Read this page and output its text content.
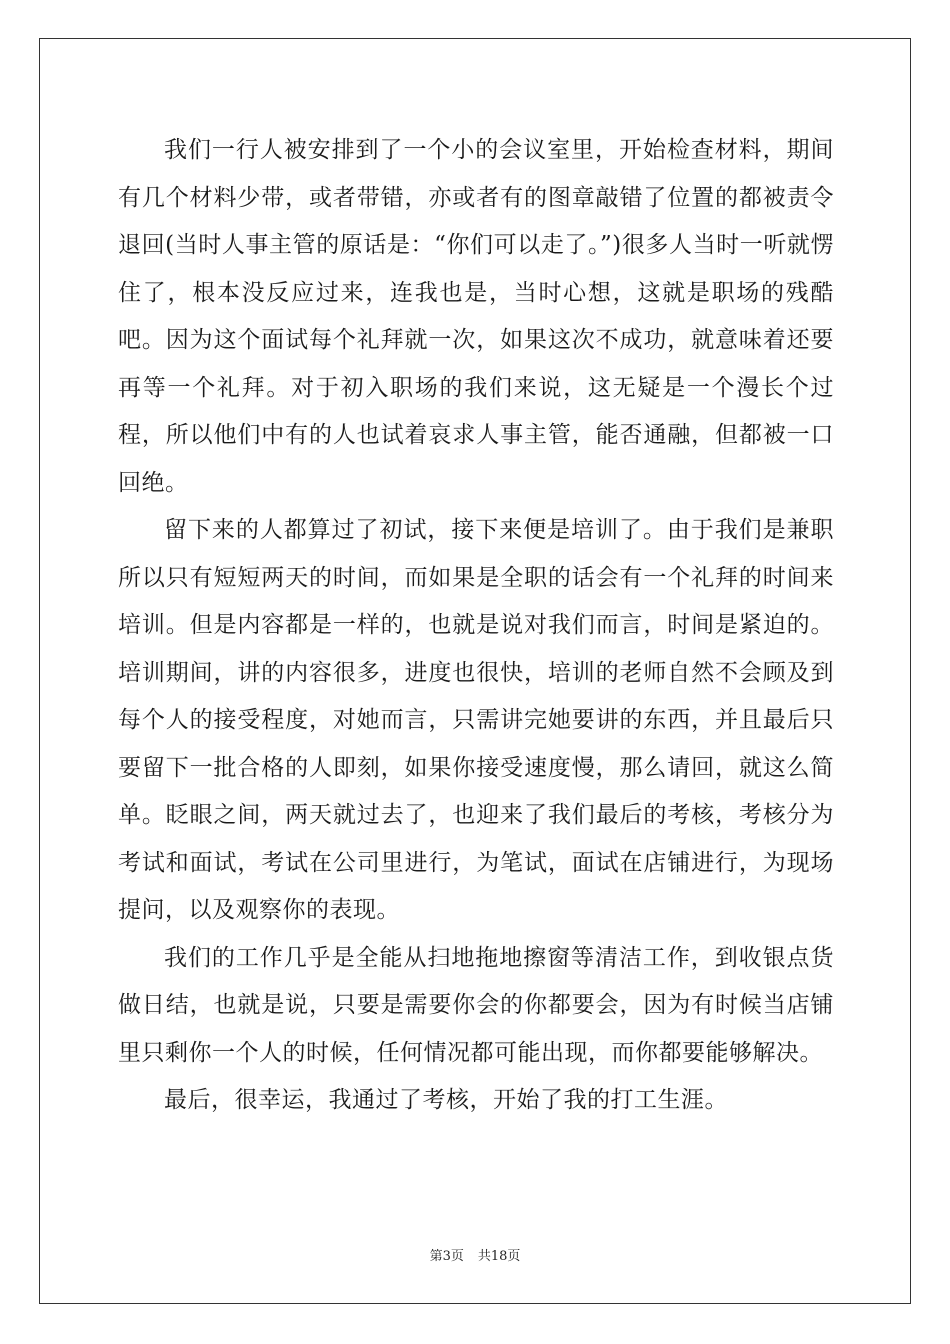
我们一行人被安排到了一个小的会议室里，开始检查材料，期间有几个材料少带，或者带错，亦或者有的图章敲错了位置的都被责令退回(当时人事主管的原话是：“你们可以走了。”)很多人当时一听就愣住了，根本没反应过来，连我也是，当时心想，这就是职场的残酷吧。因为这个面试每个礼拜就一次，如果这次不成功，就意味着还要再等一个礼拜。对于初入职场的我们来说，这无疑是一个漫长个过程，所以他们中有的人也试着哀求人事主管，能否通融，但都被一口回绝。

留下来的人都算过了初试，接下来便是培训了。由于我们是兼职所以只有短短两天的时间，而如果是全职的话会有一个礼拜的时间来培训。但是内容都是一样的，也就是说对我们而言，时间是紧迫的。培训期间，讲的内容很多，进度也很快，培训的老师自然不会顾及到每个人的接受程度，对她而言，只需讲完她要讲的东西，并且最后只要留下一批合格的人即刻，如果你接受速度慢，那么请回，就这么简单。眨眼之间，两天就过去了，也迎来了我们最后的考核，考核分为考试和面试，考试在公司里进行，为笔试，面试在店铺进行，为现场提问，以及观察你的表现。

我们的工作几乎是全能从扫地拖地擦窗等清洁工作，到收银点货做日结，也就是说，只要是需要你会的你都要会，因为有时候当店铺里只剩你一个人的时候，任何情况都可能出现，而你都要能够解决。

最后，很幸运，我通过了考核，开始了我的打工生涯。

第3页 共18页
